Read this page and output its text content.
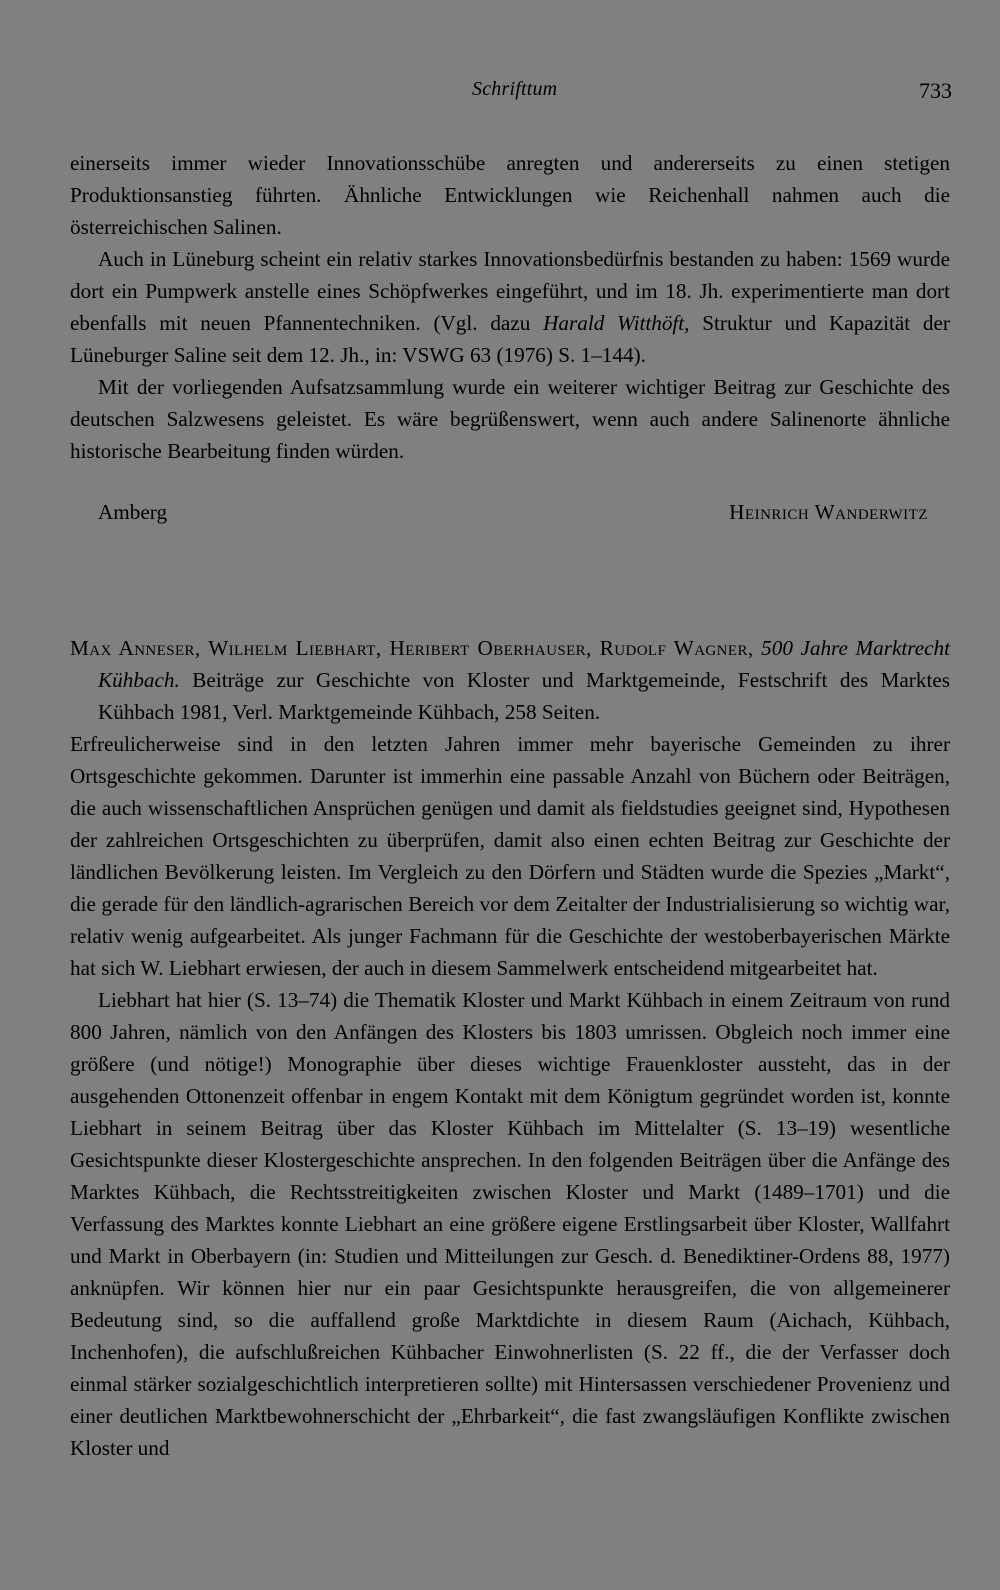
Schrifttum	733

einerseits immer wieder Innovationsschübe anregten und andererseits zu einen stetigen Produktionsanstieg führten. Ähnliche Entwicklungen wie Reichenhall nahmen auch die österreichischen Salinen.

Auch in Lüneburg scheint ein relativ starkes Innovationsbedürfnis bestanden zu haben: 1569 wurde dort ein Pumpwerk anstelle eines Schöpfwerkes eingeführt, und im 18. Jh. experimentierte man dort ebenfalls mit neuen Pfannentechniken. (Vgl. dazu Harald Witthöft, Struktur und Kapazität der Lüneburger Saline seit dem 12. Jh., in: VSWG 63 (1976) S. 1–144).

Mit der vorliegenden Aufsatzsammlung wurde ein weiterer wichtiger Beitrag zur Geschichte des deutschen Salzwesens geleistet. Es wäre begrüßenswert, wenn auch andere Salinenorte ähnliche historische Bearbeitung finden würden.

Amberg	Heinrich Wanderwitz
Max Anneser, Wilhelm Liebhart, Heribert Oberhauser, Rudolf Wagner, 500 Jahre Marktrecht Kühbach. Beiträge zur Geschichte von Kloster und Marktgemeinde, Festschrift des Marktes Kühbach 1981, Verl. Marktgemeinde Kühbach, 258 Seiten.

Erfreulicherweise sind in den letzten Jahren immer mehr bayerische Gemeinden zu ihrer Ortsgeschichte gekommen. Darunter ist immerhin eine passable Anzahl von Büchern oder Beiträgen, die auch wissenschaftlichen Ansprüchen genügen und damit als fieldstudies geeignet sind, Hypothesen der zahlreichen Ortsgeschichten zu überprüfen, damit also einen echten Beitrag zur Geschichte der ländlichen Bevölkerung leisten. Im Vergleich zu den Dörfern und Städten wurde die Spezies „Markt“, die gerade für den ländlich-agrarischen Bereich vor dem Zeitalter der Industrialisierung so wichtig war, relativ wenig aufgearbeitet. Als junger Fachmann für die Geschichte der westoberbayerischen Märkte hat sich W. Liebhart erwiesen, der auch in diesem Sammelwerk entscheidend mitgearbeitet hat.

Liebhart hat hier (S. 13–74) die Thematik Kloster und Markt Kühbach in einem Zeitraum von rund 800 Jahren, nämlich von den Anfängen des Klosters bis 1803 umrissen. Obgleich noch immer eine größere (und nötige!) Monographie über dieses wichtige Frauenkloster aussteht, das in der ausgehenden Ottonenzeit offenbar in engem Kontakt mit dem Königtum gegründet worden ist, konnte Liebhart in seinem Beitrag über das Kloster Kühbach im Mittelalter (S. 13–19) wesentliche Gesichtspunkte dieser Klostergeschichte ansprechen. In den folgenden Beiträgen über die Anfänge des Marktes Kühbach, die Rechtsstreitigkeiten zwischen Kloster und Markt (1489–1701) und die Verfassung des Marktes konnte Liebhart an eine größere eigene Erstlingsarbeit über Kloster, Wallfahrt und Markt in Oberbayern (in: Studien und Mitteilungen zur Gesch. d. Benediktiner-Ordens 88, 1977) anknüpfen. Wir können hier nur ein paar Gesichtspunkte herausgreifen, die von allgemeinerer Bedeutung sind, so die auffallend große Marktdichte in diesem Raum (Aichach, Kühbach, Inchenhofen), die aufschlußreichen Kühbacher Einwohnerlisten (S. 22 ff., die der Verfasser doch einmal stärker sozialgeschichtlich interpretieren sollte) mit Hintersassen verschiedener Provenienz und einer deutlichen Marktbewohnerschicht der „Ehrbarkeit“, die fast zwangsläufigen Konflikte zwischen Kloster und
